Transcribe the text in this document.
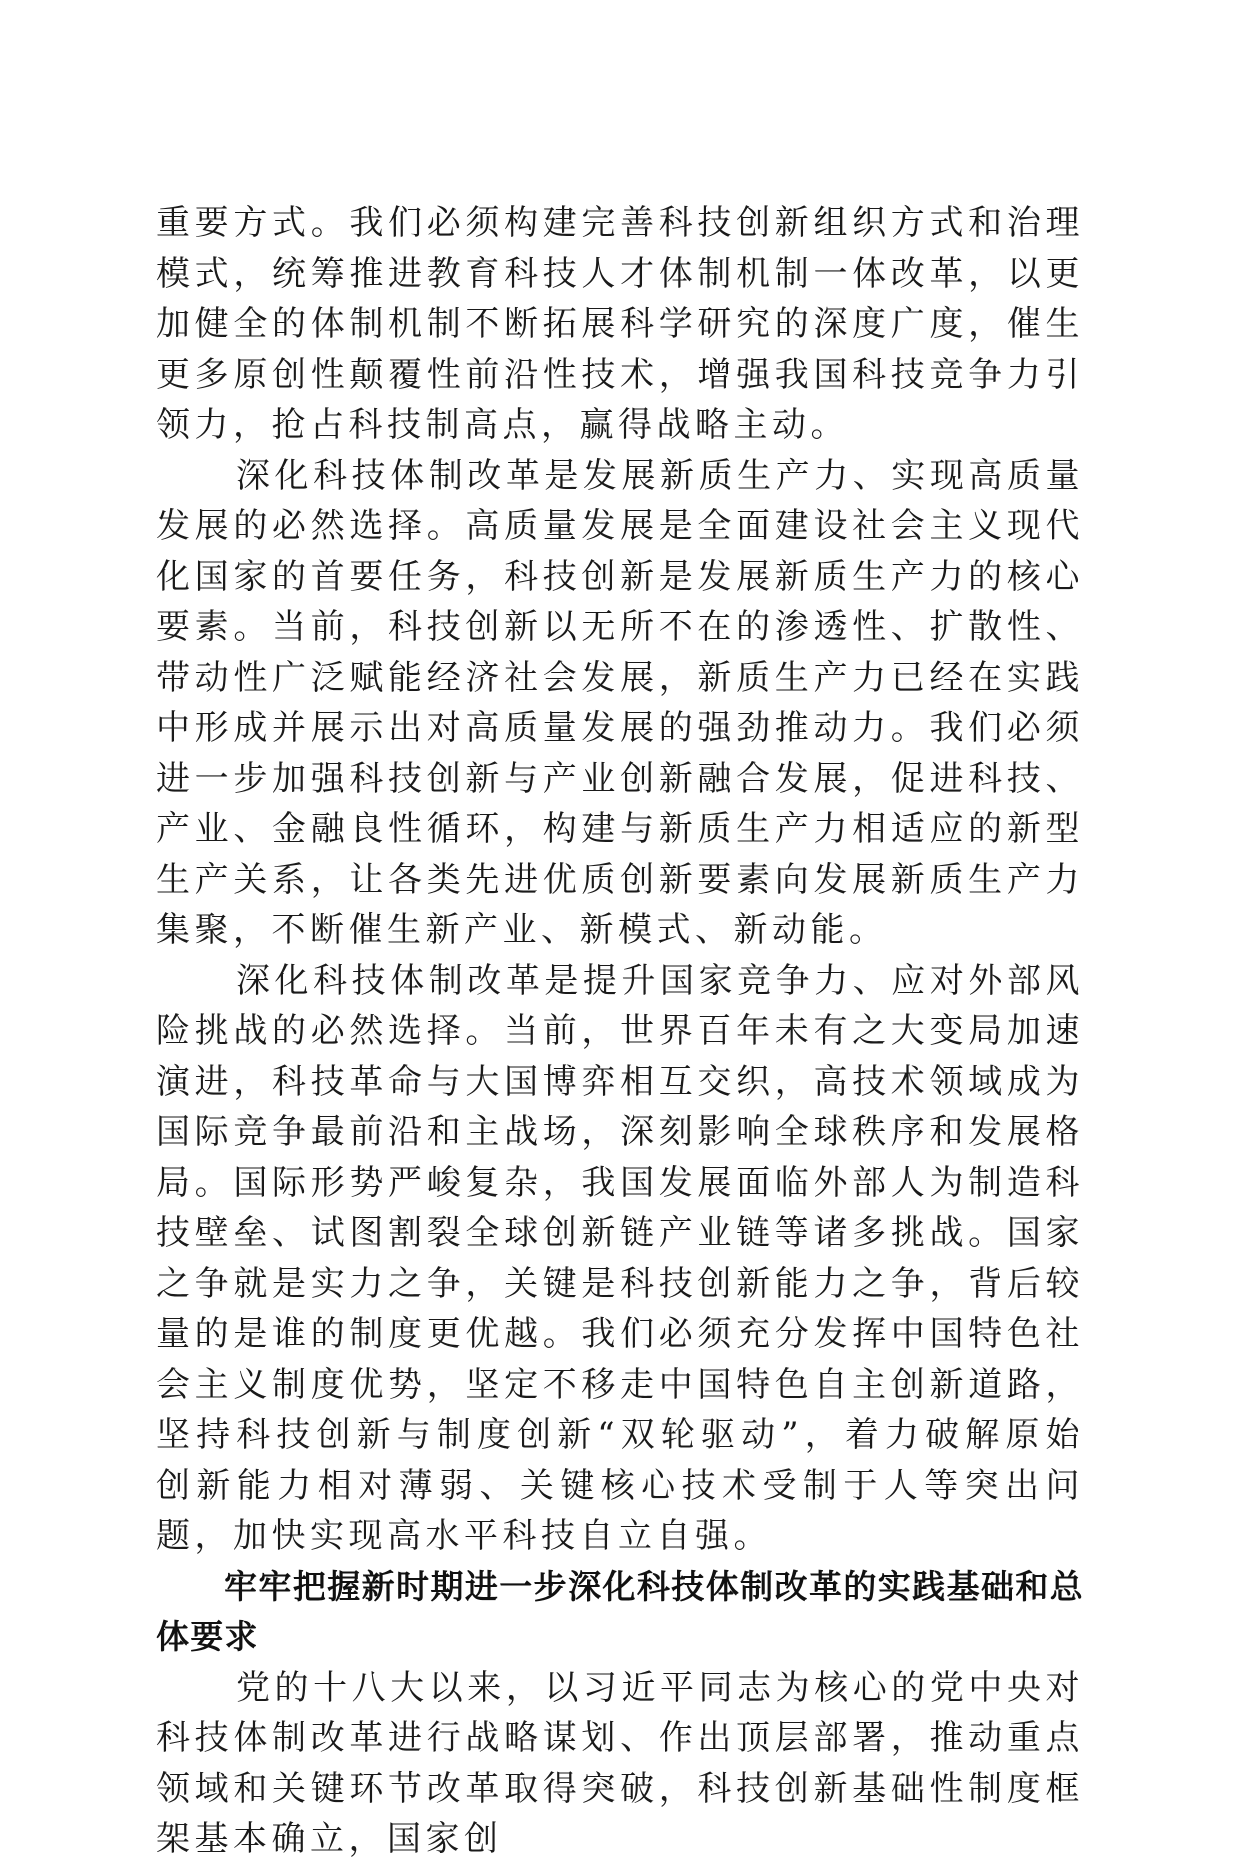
重要方式。我们必须构建完善科技创新组织方式和治理模式，统筹推进教育科技人才体制机制一体改革，以更加健全的体制机制不断拓展科学研究的深度广度，催生更多原创性颠覆性前沿性技术，增强我国科技竞争力引领力，抢占科技制高点，赢得战略主动。

深化科技体制改革是发展新质生产力、实现高质量发展的必然选择。高质量发展是全面建设社会主义现代化国家的首要任务，科技创新是发展新质生产力的核心要素。当前，科技创新以无所不在的渗透性、扩散性、带动性广泛赋能经济社会发展，新质生产力已经在实践中形成并展示出对高质量发展的强劲推动力。我们必须进一步加强科技创新与产业创新融合发展，促进科技、产业、金融良性循环，构建与新质生产力相适应的新型生产关系，让各类先进优质创新要素向发展新质生产力集聚，不断催生新产业、新模式、新动能。

深化科技体制改革是提升国家竞争力、应对外部风险挑战的必然选择。当前，世界百年未有之大变局加速演进，科技革命与大国博弈相互交织，高技术领域成为国际竞争最前沿和主战场，深刻影响全球秩序和发展格局。国际形势严峻复杂，我国发展面临外部人为制造科技壁垒、试图割裂全球创新链产业链等诸多挑战。国家之争就是实力之争，关键是科技创新能力之争，背后较量的是谁的制度更优越。我们必须充分发挥中国特色社会主义制度优势，坚定不移走中国特色自主创新道路，坚持科技创新与制度创新“双轮驱动”，着力破解原始创新能力相对薄弱、关键核心技术受制于人等突出问题，加快实现高水平科技自立自强。

牢牢把握新时期进一步深化科技体制改革的实践基础和总体要求

党的十八大以来，以习近平同志为核心的党中央对科技体制改革进行战略谋划、作出顶层部署，推动重点领域和关键环节改革取得突破，科技创新基础性制度框架基本确立，国家创
